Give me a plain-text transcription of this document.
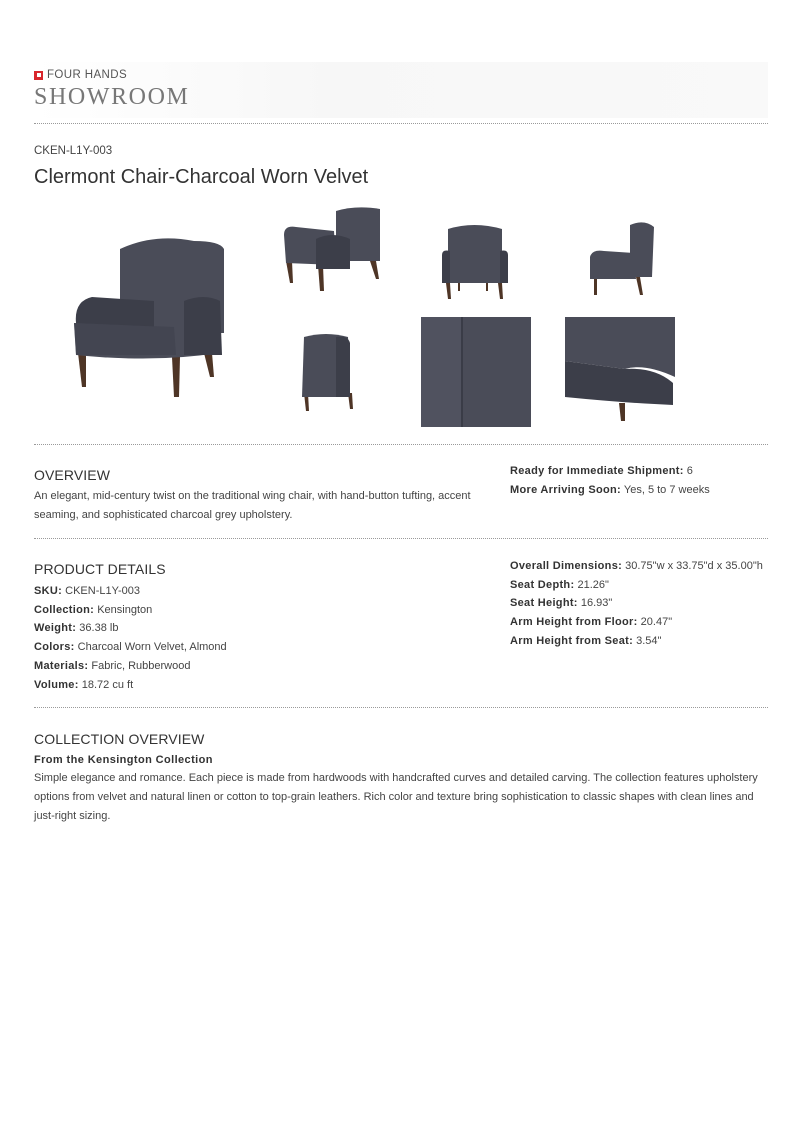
FOUR HANDS
SHOWROOM
CKEN-L1Y-003
Clermont Chair-Charcoal Worn Velvet
OVERVIEW
An elegant, mid-century twist on the traditional wing chair, with hand-button tufting, accent seaming, and sophisticated charcoal grey upholstery.
Ready for Immediate Shipment: 6
More Arriving Soon: Yes, 5 to 7 weeks
PRODUCT DETAILS
SKU: CKEN-L1Y-003
Collection: Kensington
Weight: 36.38 lb
Colors: Charcoal Worn Velvet, Almond
Materials: Fabric, Rubberwood
Volume: 18.72 cu ft
Overall Dimensions: 30.75"w x 33.75"d x 35.00"h
Seat Depth: 21.26"
Seat Height: 16.93"
Arm Height from Floor: 20.47"
Arm Height from Seat: 3.54"
COLLECTION OVERVIEW
From the Kensington Collection
Simple elegance and romance. Each piece is made from hardwoods with handcrafted curves and detailed carving. The collection features upholstery options from velvet and natural linen or cotton to top-grain leathers. Rich color and texture bring sophistication to classic shapes with clean lines and just-right sizing.
